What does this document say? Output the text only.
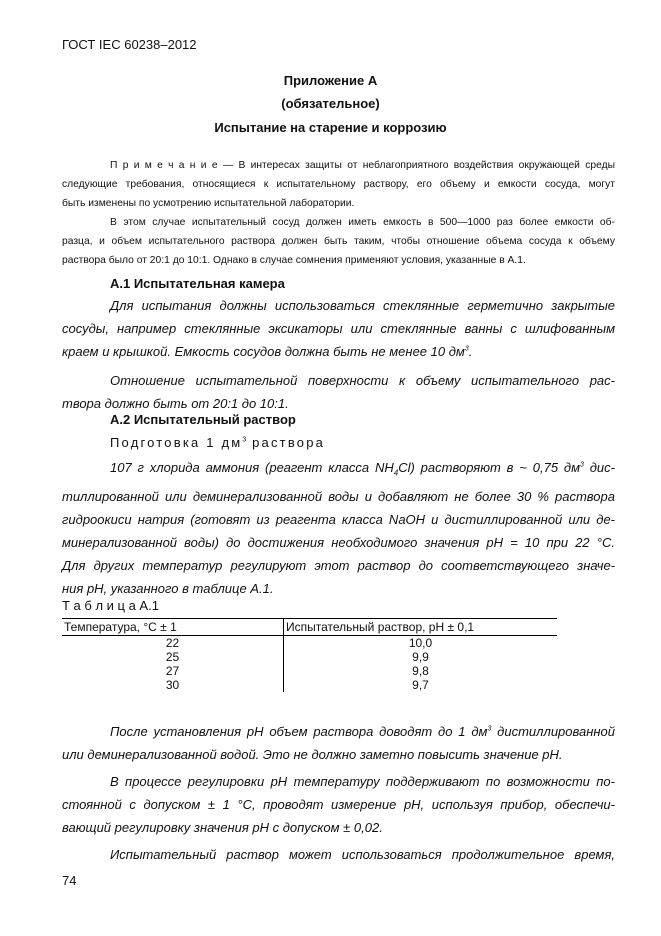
ГОСТ IEC 60238–2012
Приложение А
(обязательное)
Испытание на старение и коррозию
П р и м е ч а н и е — В интересах защиты от неблагоприятного воздействия окружающей среды
следующие требования, относящиеся к испытательному раствору, его объему и емкости сосуда, могут
быть изменены по усмотрению испытательной лаборатории.
В этом случае испытательный сосуд должен иметь емкость в 500—1000 раз более емкости об-
разца, и объем испытательного раствора должен быть таким, чтобы отношение объема сосуда к объему
раствора было от 20:1 до 10:1. Однако в случае сомнения применяют условия, указанные в А.1.
А.1 Испытательная камера
Для испытания должны использоваться стеклянные герметично закрытые
сосуды, например стеклянные эксикаторы или стеклянные ванны с шлифованным
краем и крышкой. Емкость сосудов должна быть не менее 10 $дм^3$.
Отношение испытательной поверхности к объему испытательного рас-
твора должно быть от 20:1 до 10:1.
А.2 Испытательный раствор
Подготовка 1 $дм^3$ раствора
107 г хлорида аммония (реагент класса $NH_4Cl$) растворяют в ~ 0,75 $дм^3$ дис-
тиллированной или деминерализованной воды и добавляют не более 30 % раствора
гидроокиси натрия (готовят из реагента класса NaOH и дистиллированной или де-
минерализованной воды) до достижения необходимого значения pH = 10 при 22 °С.
Для других температур регулируют этот раствор до соответствующего значе-
ния pH, указанного в таблице А.1.
Т а б л и ц а А.1
Температура, °С ± 1	Испытательный раствор, pH ± 0,1
22	10,0
25	9,9
27	9,8
30	9,7
После установления pH объем раствора доводят до 1 $дм^3$ дистиллированной
или деминерализованной водой. Это не должно заметно повысить значение pH.
В процессе регулировки pH температуру поддерживают по возможности по-
стоянной с допуском ± 1 °С, проводят измерение pH, используя прибор, обеспечи-
вающий регулировку значения pH с допуском ± 0,02.
Испытательный раствор может использоваться продолжительное время,
74
